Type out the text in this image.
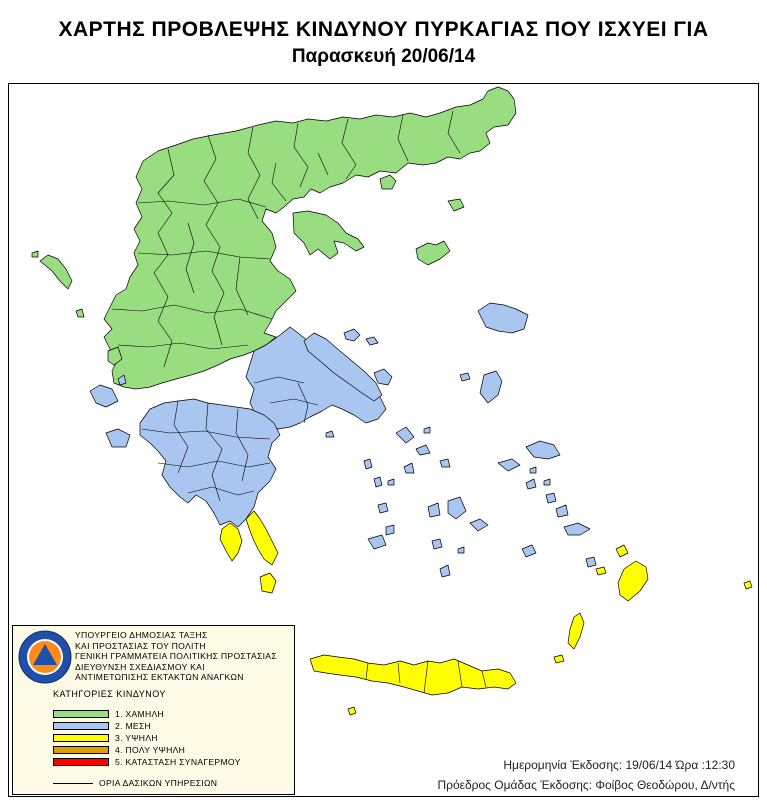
ΧΑΡΤΗΣ ΠΡΟΒΛΕΨΗΣ ΚΙΝΔΥΝΟΥ ΠΥΡΚΑΓΙΑΣ ΠΟΥ ΙΣΧΥΕΙ ΓΙΑ
Παρασκευή 20/06/14
ΥΠΟΥΡΓΕΙΟ ΔΗΜΟΣΙΑΣ ΤΑΞΗΣ
ΚΑΙ ΠΡΟΣΤΑΣΙΑΣ ΤΟΥ ΠΟΛΙΤΗ
ΓΕΝΙΚΗ ΓΡΑΜΜΑΤΕΙΑ ΠΟΛΙΤΙΚΗΣ ΠΡΟΣΤΑΣΙΑΣ
ΔΙΕΥΘΥΝΣΗ ΣΧΕΔΙΑΣΜΟΥ ΚΑΙ
ΑΝΤΙΜΕΤΩΠΙΣΗΣ ΕΚΤΑΚΤΩΝ ΑΝΑΓΚΩΝ
ΚΑΤΗΓΟΡΙΕΣ ΚΙΝΔΥΝΟΥ
1. ΧΑΜΗΛΗ
2. ΜΕΣΗ
3. ΥΨΗΛΗ
4. ΠΟΛΥ ΥΨΗΛΗ
5. ΚΑΤΑΣΤΑΣΗ ΣΥΝΑΓΕΡΜΟΥ
ΟΡΙΑ ΔΑΣΙΚΩΝ ΥΠΗΡΕΣΙΩΝ
Ημερομηνία Έκδοσης: 19/06/14 Ώρα :12:30
Πρόεδρος Ομάδας Έκδοσης: Φοίβος Θεοδώρου, Δ/ντής
